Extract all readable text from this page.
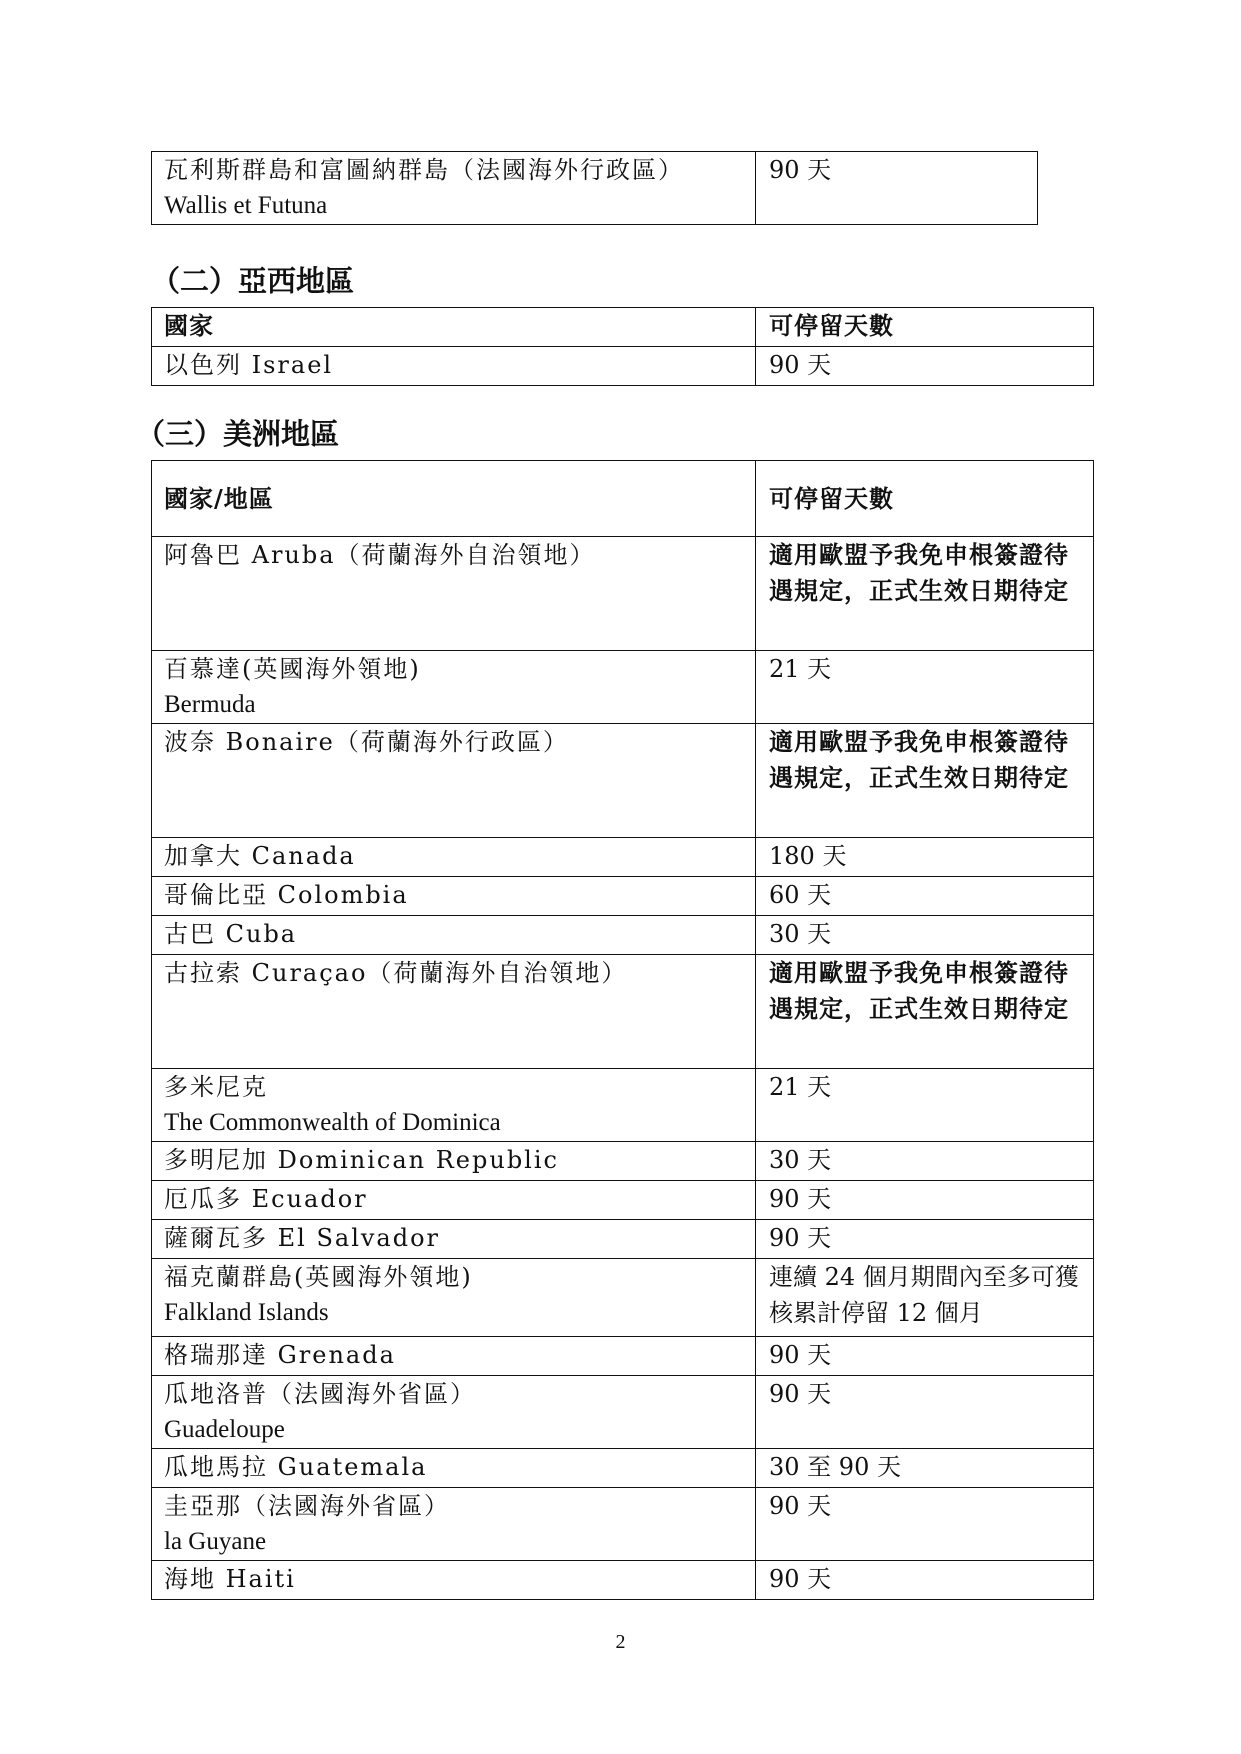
瓦利斯群島和富圖納群島（法國海外行政區）
Wallis et Futuna
	90 天
（二）亞西地區
國家	可停留天數
以色列 Israel	90 天
（三）美洲地區
國家/地區	可停留天數

阿魯巴 Aruba（荷蘭海外自治領地）	適用歐盟予我免申根簽證待遇規定，正式生效日期待定

百慕達(英國海外領地)
Bermuda	21 天

波奈 Bonaire（荷蘭海外行政區）	適用歐盟予我免申根簽證待遇規定，正式生效日期待定

加拿大 Canada	180 天

哥倫比亞 Colombia	60 天

古巴 Cuba	30 天

古拉索 Curaçao（荷蘭海外自治領地）	適用歐盟予我免申根簽證待遇規定，正式生效日期待定

多米尼克
The Commonwealth of Dominica	21 天

多明尼加 Dominican Republic	30 天

厄瓜多 Ecuador	90 天

薩爾瓦多 El Salvador	90 天

福克蘭群島(英國海外領地)
Falkland Islands	連續 24 個月期間內至多可獲核累計停留 12 個月

格瑞那達 Grenada	90 天

瓜地洛普（法國海外省區）
Guadeloupe	90 天

瓜地馬拉 Guatemala	30 至 90 天

圭亞那（法國海外省區）
la Guyane	90 天

海地 Haiti	90 天
2
